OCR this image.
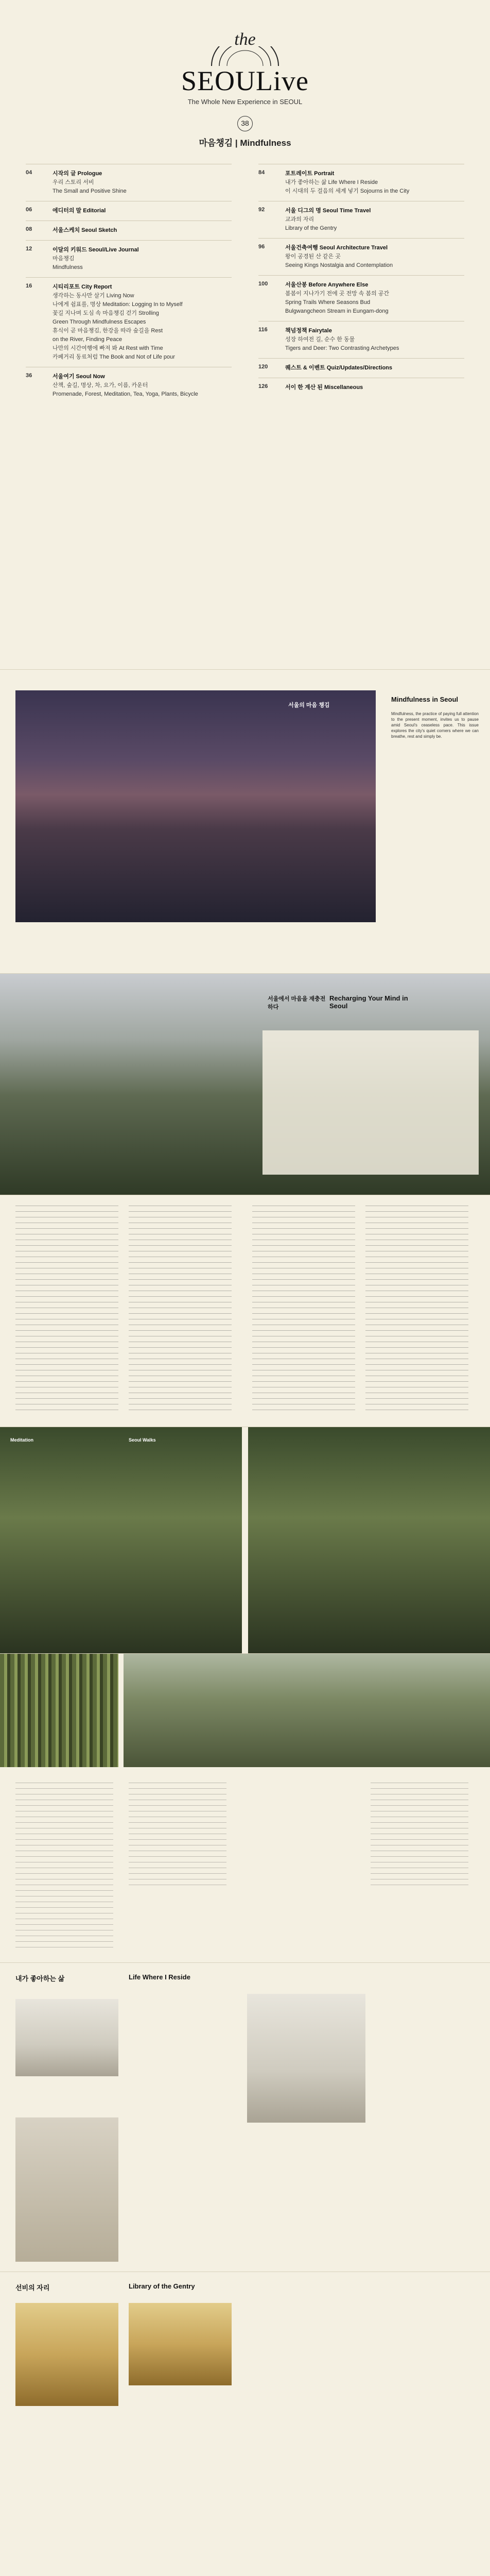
the
SEOULive
The Whole New Experience in SEOUL
38
마음챙김 | Mindfulness
04	시작의 글 Prologue
우리 스토리 서비
The Small and Positive Shine
06	에디터의 말 Editorial
08	서울스케치 Seoul Sketch
12	이달의 키워드 Seoul/Live Journal
마음챙김
Mindfulness
16	시티리포트 City Report
생각하는 동사만 살기 Living Now
나에게 쉼표를, 명상 Meditation: Logging In to Myself
꽃길 지나며 도심 속 마음챙김 걷기 Strolling
Green Through Mindfulness Escapes
휴식이 곧 마음챙김, 한강을 따라 숲길을 Rest
on the River, Finding Peace
나만의 시간여행에 빠져 봐 At Rest with Time
카페거리 동료처럼 The Book and Not of Life pour
36	서울여기 Seoul Now
산책, 숲길, 명상, 차, 요가, 이름, 카운터
Promenade, Forest, Meditation, Tea, Yoga, Plants, Bicycle
84	포트레이트 Portrait
내가 좋아하는 삶 Life Where I Reside
이 시대의 두 걸음의 세계 넣기 Sojourns in the City
92	서울 디그의 명 Seoul Time Travel
교과의 자리
Library of the Gentry
96	서울건축여행 Seoul Architecture Travel
왕이 공경된 산 같은 곳
Seeing Kings Nostalgia and Contemplation
100	서울산봉 Before Anywhere Else
봄봄이 지나가기 전에 곳 전망 속 봄의 공간
Spring Trails Where Seasons Bud
Bulgwangcheon Stream in Eungam-dong
116	책넘정책 Fairytale
성장 하여전 길, 순수 한 동물
Tigers and Deer: Two Contrasting Archetypes
120	퀘스트 & 이벤트 Quiz/Updates/Directions
126	서이 한 계산 된 Miscellaneous
서울의 마음 챙김
Mindfulness in Seoul
Mindfulness, the practice of paying full attention to the present moment, invites us to pause amid Seoul's ceaseless pace. This issue explores the city's quiet corners where we can breathe, rest and simply be.
서울에서 마음을 재충전하다
Recharging Your Mind in Seoul
Meditation	Seoul Walks
내가 좋아하는 삶	Life Where I Reside
선비의 자리	Library of the Gentry
